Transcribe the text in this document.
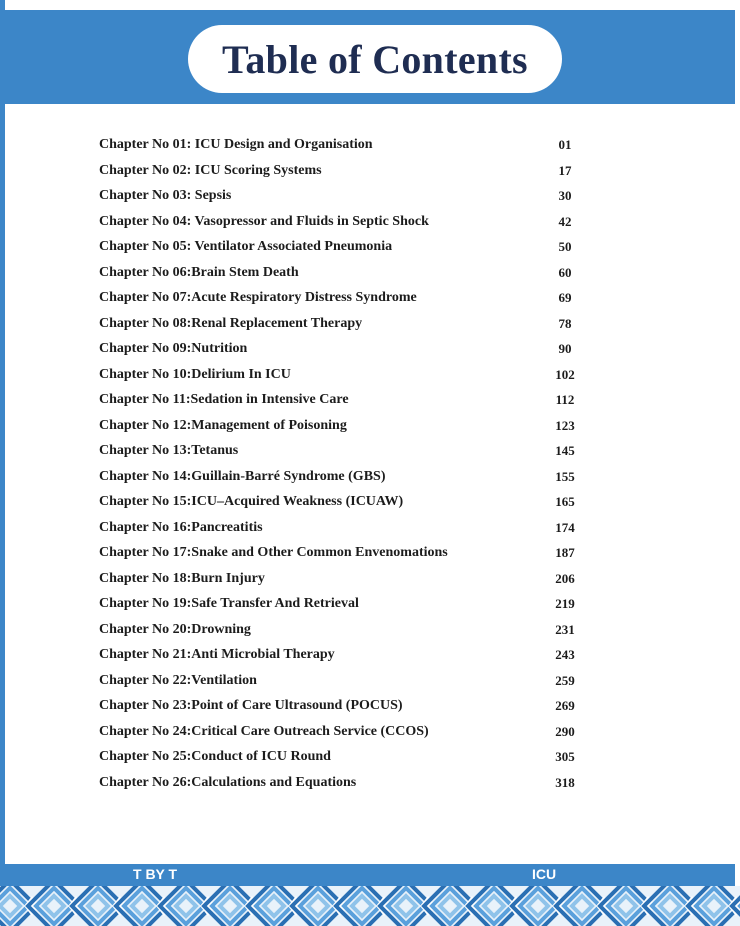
Table of Contents
Chapter No 01: ICU Design and Organisation	01
Chapter No 02: ICU Scoring Systems	17
Chapter No 03: Sepsis	30
Chapter No 04: Vasopressor and Fluids in Septic Shock	42
Chapter No 05: Ventilator Associated Pneumonia	50
Chapter No 06:Brain Stem Death	60
Chapter No 07:Acute Respiratory Distress Syndrome	69
Chapter No 08:Renal Replacement Therapy	78
Chapter No 09:Nutrition	90
Chapter No 10:Delirium In ICU	102
Chapter No 11:Sedation in Intensive Care	112
Chapter No 12:Management of Poisoning	123
Chapter No 13:Tetanus	145
Chapter No 14:Guillain-Barré Syndrome (GBS)	155
Chapter No 15:ICU–Acquired Weakness (ICUAW)	165
Chapter No 16:Pancreatitis	174
Chapter No 17:Snake and Other Common Envenomations	187
Chapter No 18:Burn Injury	206
Chapter No 19:Safe Transfer And Retrieval	219
Chapter No 20:Drowning	231
Chapter No 21:Anti Microbial Therapy	243
Chapter No 22:Ventilation	259
Chapter No 23:Point of Care Ultrasound (POCUS)	269
Chapter No 24:Critical Care Outreach Service (CCOS)	290
Chapter No 25:Conduct of ICU Round	305
Chapter No 26:Calculations and Equations	318
T BY T	ICU
